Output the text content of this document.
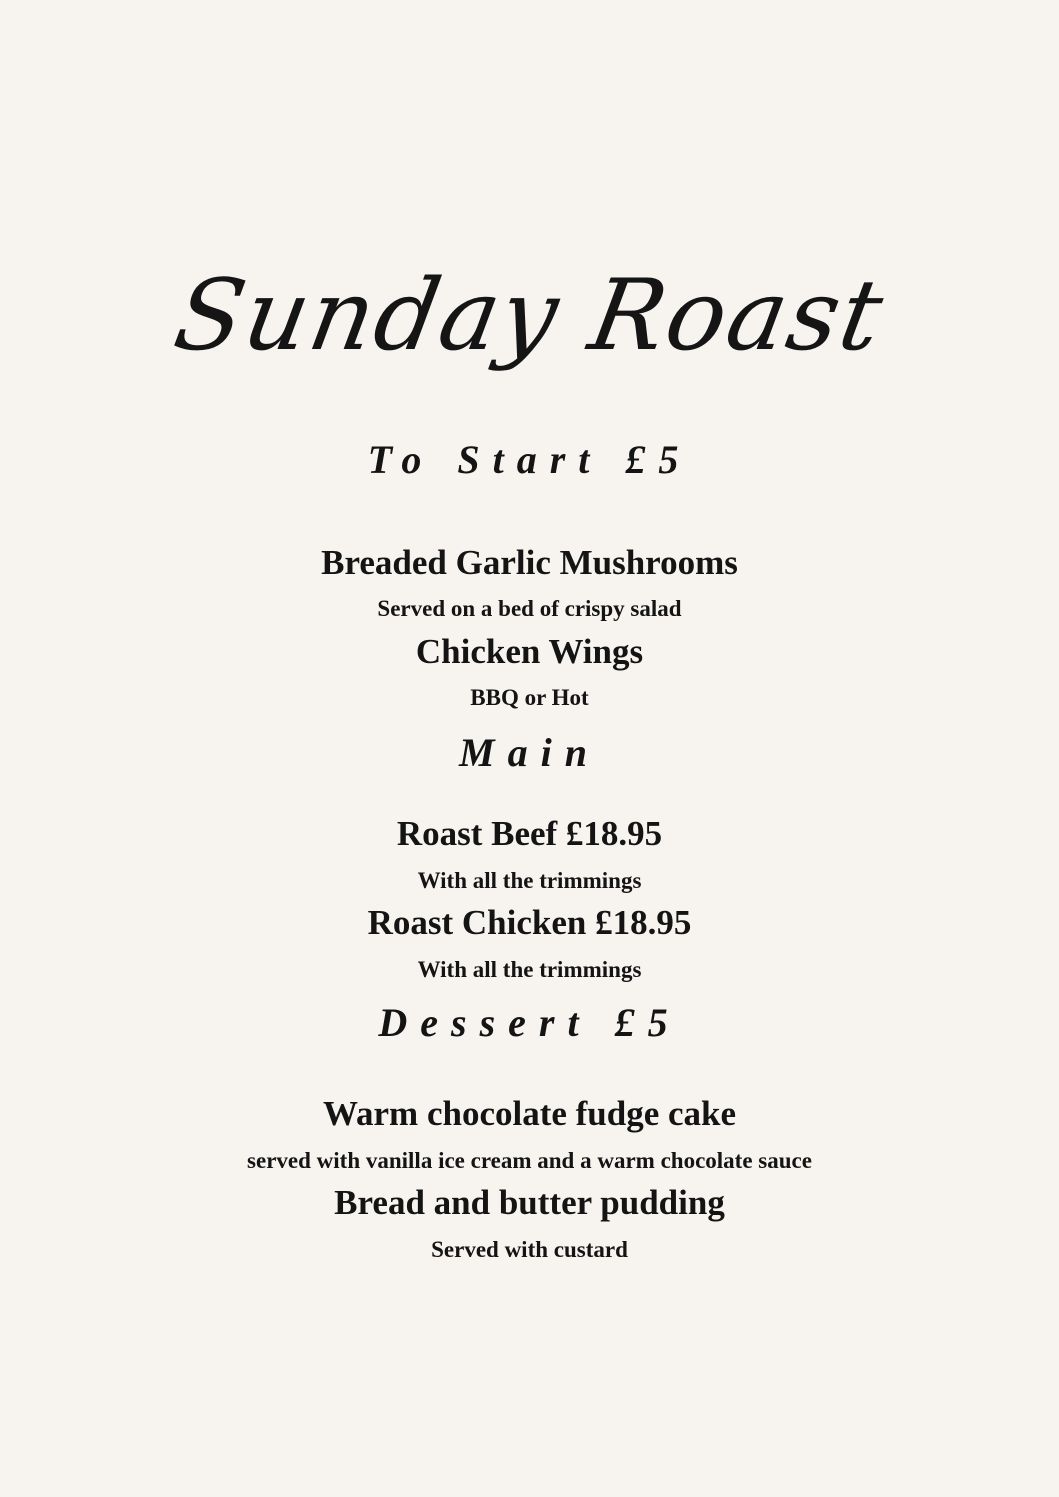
Sunday Roast
To Start £5
Breaded Garlic Mushrooms
Served on a bed of crispy salad
Chicken Wings
BBQ or Hot
Main
Roast Beef £18.95
With all the trimmings
Roast Chicken £18.95
With all the trimmings
Dessert £5
Warm chocolate fudge cake
served with vanilla ice cream and a warm chocolate sauce
Bread and butter pudding
Served with custard
